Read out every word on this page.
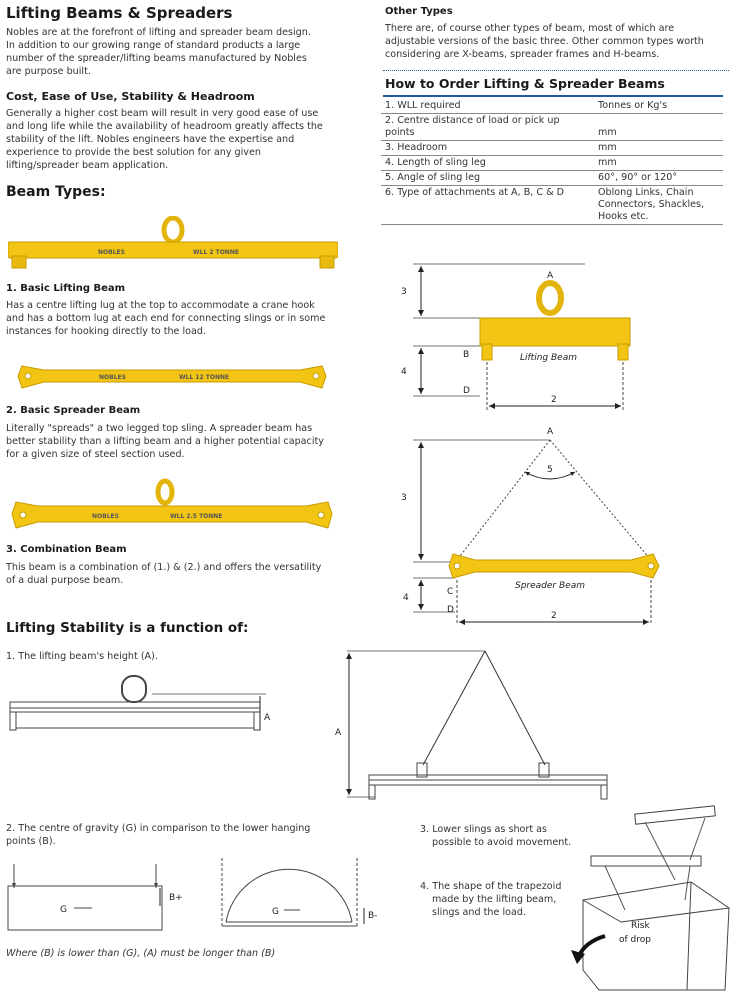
Lifting Beams & Spreaders
Nobles are at the forefront of lifting and spreader beam design.
In addition to our growing range of standard products a large
number of the spreader/lifting beams manufactured by Nobles
are purpose built.
Cost, Ease of Use, Stability & Headroom
Generally a higher cost beam will result in very good ease of use
and long life while the availability of headroom greatly affects the
stability of the lift. Nobles engineers have the expertise and
experience to provide the best solution for any given
lifting/spreader beam application.
Beam Types:
NOBLES	WLL 2 TONNE
1. Basic Lifting Beam
Has a centre lifting lug at the top to accommodate a crane hook
and has a bottom lug at each end for connecting slings or in some
instances for hooking directly to the load.
NOBLES	WLL 12 TONNE
2. Basic Spreader Beam
Literally "spreads" a two legged top sling. A spreader beam has
better stability than a lifting beam and a higher potential capacity
for a given size of steel section used.
NOBLES	WLL 2.5 TONNE
3. Combination Beam
This beam is a combination of (1.) & (2.) and offers the versatility
of a dual purpose beam.
Other Types
There are, of course other types of beam, most of which are
adjustable versions of the basic three. Other common types worth
considering are X-beams, spreader frames and H-beams.
How to Order Lifting & Spreader Beams
1. WLL required	Tonnes or Kg's
2. Centre distance of load or pick up points	mm
3. Headroom	mm
4. Length of sling leg	mm
5. Angle of sling leg	60°, 90° or 120°
6. Type of attachments at A, B, C & D	Oblong Links, Chain Connectors, Shackles, Hooks etc.
3
4
Lifting Beam
A
B
D
2
3
4
5
A
Spreader Beam
C
D
2
Lifting Stability is a function of:
1. The lifting beam's height (A).
A
A
2. The centre of gravity (G) in comparison to the lower hanging
points (B).
G
B+
G	B-
Where (B) is lower than (G), (A) must be longer than (B)
3. Lower slings as short as
possible to avoid movement.
4. The shape of the trapezoid
made by the lifting beam,
slings and the load.
Risk
of drop
